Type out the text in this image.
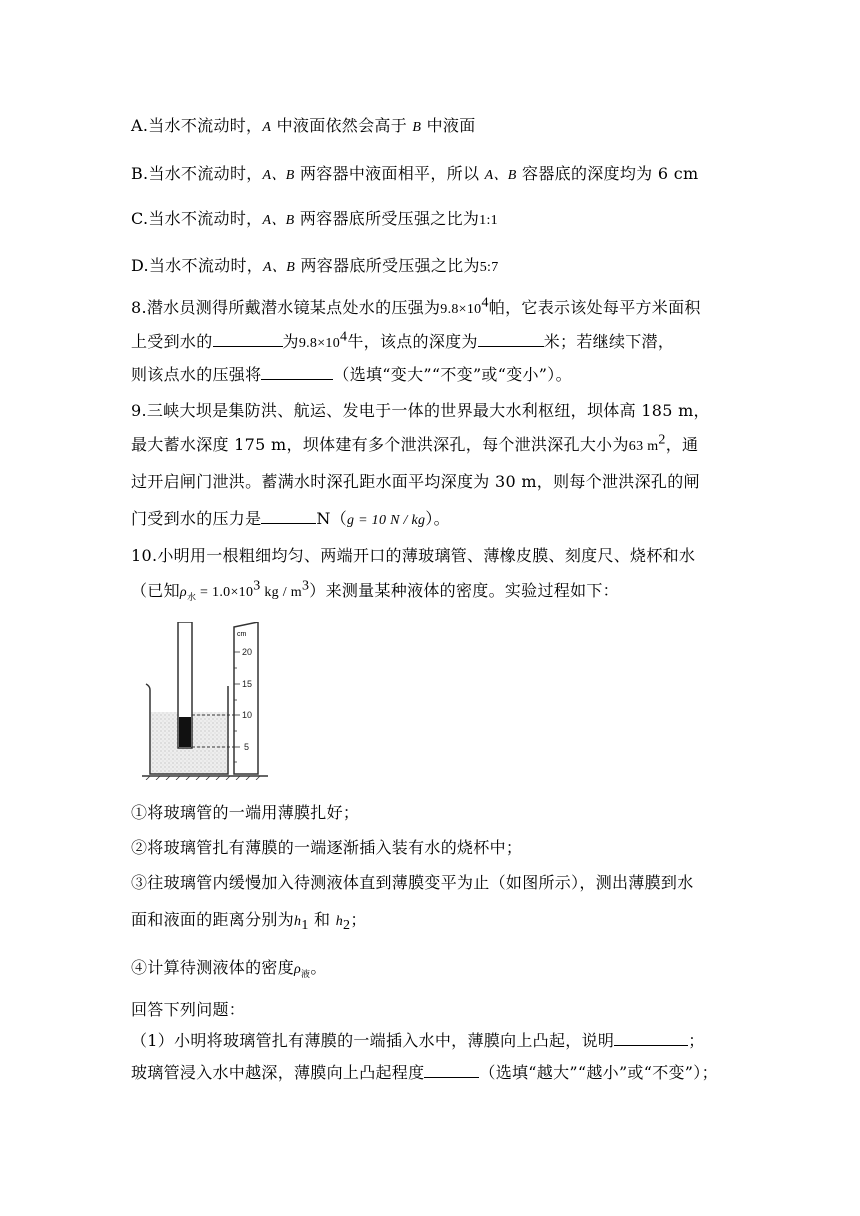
A.当水不流动时，A 中液面依然会高于 B 中液面
B.当水不流动时，A、B 两容器中液面相平，所以 A、B 容器底的深度均为 6 cm
C.当水不流动时，A、B 两容器底所受压强之比为1:1
D.当水不流动时，A、B 两容器底所受压强之比为5:7
8.潜水员测得所戴潜水镜某点处水的压强为$9.8\times 10^4$帕，它表示该处每平方米面积
上受到水的	为$9.8\times 10^4$牛，该点的深度为	米；若继续下潜，
则该点水的压强将	（选填“变大”“不变”或“变小”）。
9.三峡大坝是集防洪、航运、发电于一体的世界最大水利枢纽，坝体高 185 m，
最大蓄水深度 175 m，坝体建有多个泄洪深孔，每个泄洪深孔大小为63 $m^2$，通
过开启闸门泄洪。蓄满水时深孔距水面平均深度为 30 m，则每个泄洪深孔的闸
门受到水的压力是	N（g = 10 N / kg）。
10.小明用一根粗细均匀、两端开口的薄玻璃管、薄橡皮膜、刻度尺、烧杯和水
（已知$\rho_水 = 1.0\times 10^3$ kg / $m^3$）来测量某种液体的密度。实验过程如下：
cm
20
15
10
5
①将玻璃管的一端用薄膜扎好；
②将玻璃管扎有薄膜的一端逐渐插入装有水的烧杯中；
③往玻璃管内缓慢加入待测液体直到薄膜变平为止（如图所示），测出薄膜到水
面和液面的距离分别为$h_1$ 和 $h_2$；
④计算待测液体的密度$\rho_液$。
回答下列问题：
（1）小明将玻璃管扎有薄膜的一端插入水中，薄膜向上凸起，说明	；
玻璃管浸入水中越深，薄膜向上凸起程度	（选填“越大”“越小”或“不变”）；
